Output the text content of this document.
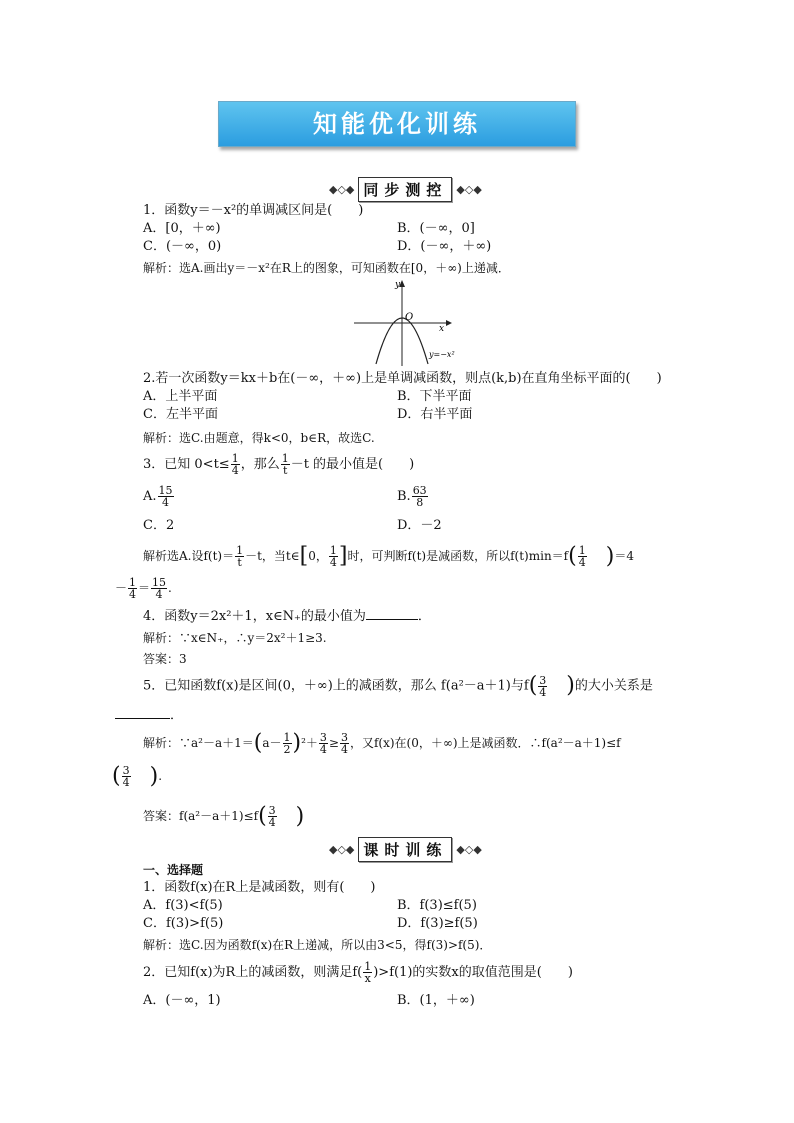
知能优化训练
◆◇◆ 同步测控 ◆◇◆
1．函数y＝－x²的单调减区间是(　　)
A．[0，＋∞)	B．(－∞，0]
C．(－∞，0)	D．(－∞，＋∞)
解析：选A.画出y＝－x²在R上的图象，可知函数在[0，＋∞)上递减．
y
x
O
y=−x²
2.若一次函数y＝kx＋b在(－∞，＋∞)上是单调减函数，则点(k,b)在直角坐标平面的(　　)
A．上半平面	B．下半平面
C．左半平面	D．右半平面
解析：选C.由题意，得k<0，b∈R，故选C.
3．已知 $0<t\le \frac{1}{4}$ ，那么 $\frac{1}{t} -t$ 的最小值是(　　)
A. $\frac{15}{4}$	B. $\frac{63}{8}$
C．2	D．－2
解析选A.设$f(t)= \frac{1}{t} -t$，当t∈[0， $\frac{1}{4}$ ]时，可判断f(t)是减函数，所以$f(t)\min=f( \frac{1}{4} )=4$
－ $\frac{1}{4} = \frac{15}{4}$ .
4．函数y＝2x²＋1，x∈N₊的最小值为	．
解析：∵x∈N₊，∴y＝2x²＋1≥3.
答案：3
5．已知函数f(x)是区间(0，＋∞)上的减函数，那么 f(a²－a＋1)与$f( \frac{3}{4}$ )的大小关系是
．
解析：∵a²－a＋1＝(a－ $\frac{1}{2} )^2+ \frac{3}{4} \ge \frac{3}{4}$ ，又f(x)在(0，＋∞)上是减函数．∴f(a²－a＋1)≤f
( $\frac{3}{4}$ ).
答案：$f(a^2-a+1)\le f( \frac{3}{4}$ )
◆◇◆ 课时训练 ◆◇◆
一、选择题
1．函数f(x)在R上是减函数，则有(　　)
A．f(3)<f(5)	B．f(3)≤f(5)
C．f(3)>f(5)	D．f(3)≥f(5)
解析：选C.因为函数f(x)在R上递减，所以由3<5，得f(3)>f(5)．
2．已知f(x)为R上的减函数，则满足$f( \frac{1}{x} )>f(1)$的实数x的取值范围是(　　)
A．(－∞，1)	B．(1，＋∞)
